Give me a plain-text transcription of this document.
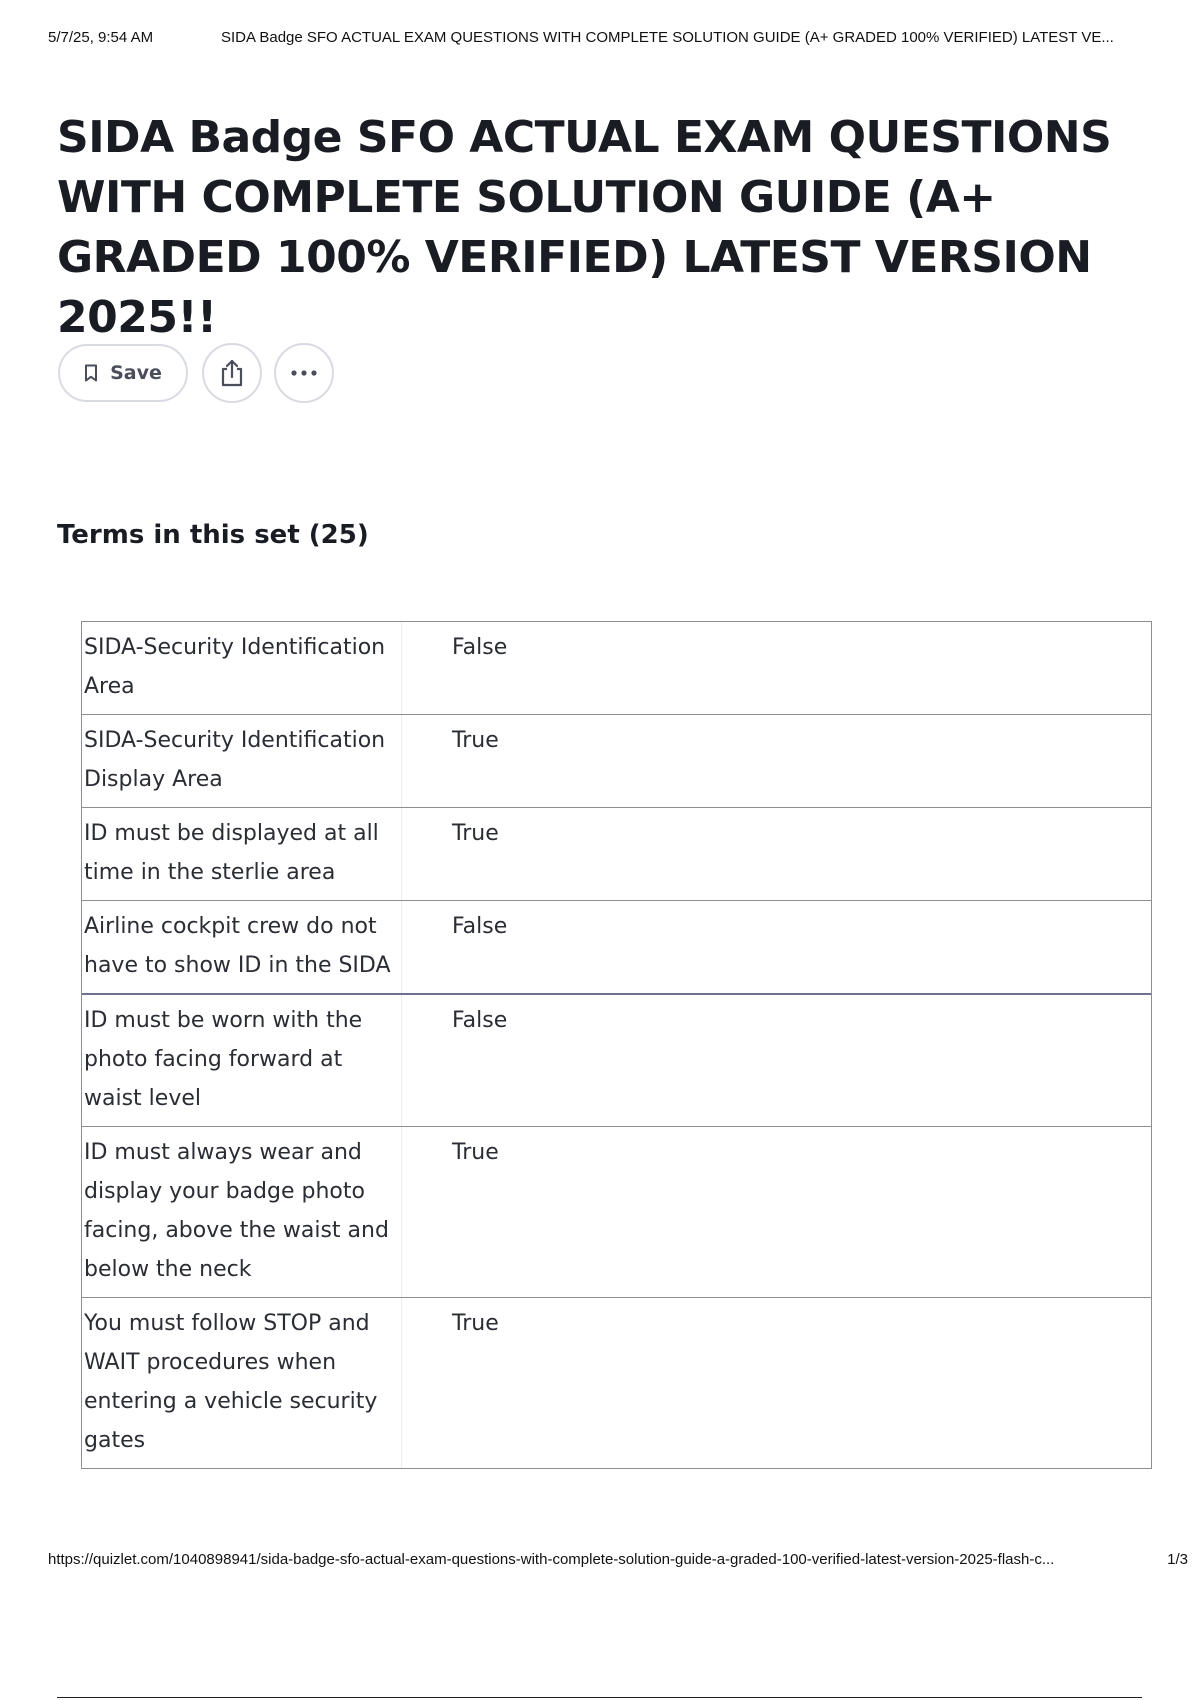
5/7/25, 9:54 AM	SIDA Badge SFO ACTUAL EXAM QUESTIONS WITH COMPLETE SOLUTION GUIDE (A+ GRADED 100% VERIFIED) LATEST VE...
SIDA Badge SFO ACTUAL EXAM QUESTIONS WITH COMPLETE SOLUTION GUIDE (A+ GRADED 100% VERIFIED) LATEST VERSION 2025!!
Save
Terms in this set (25)
SIDA-Security Identification Area
False
SIDA-Security Identification Display Area
True
ID must be displayed at all time in the sterlie area
True
Airline cockpit crew do not have to show ID in the SIDA
False
ID must be worn with the photo facing forward at waist level
False
ID must always wear and display your badge photo facing, above the waist and below the neck
True
You must follow STOP and WAIT procedures when entering a vehicle security gates
True
https://quizlet.com/1040898941/sida-badge-sfo-actual-exam-questions-with-complete-solution-guide-a-graded-100-verified-latest-version-2025-flash-c...	1/3
